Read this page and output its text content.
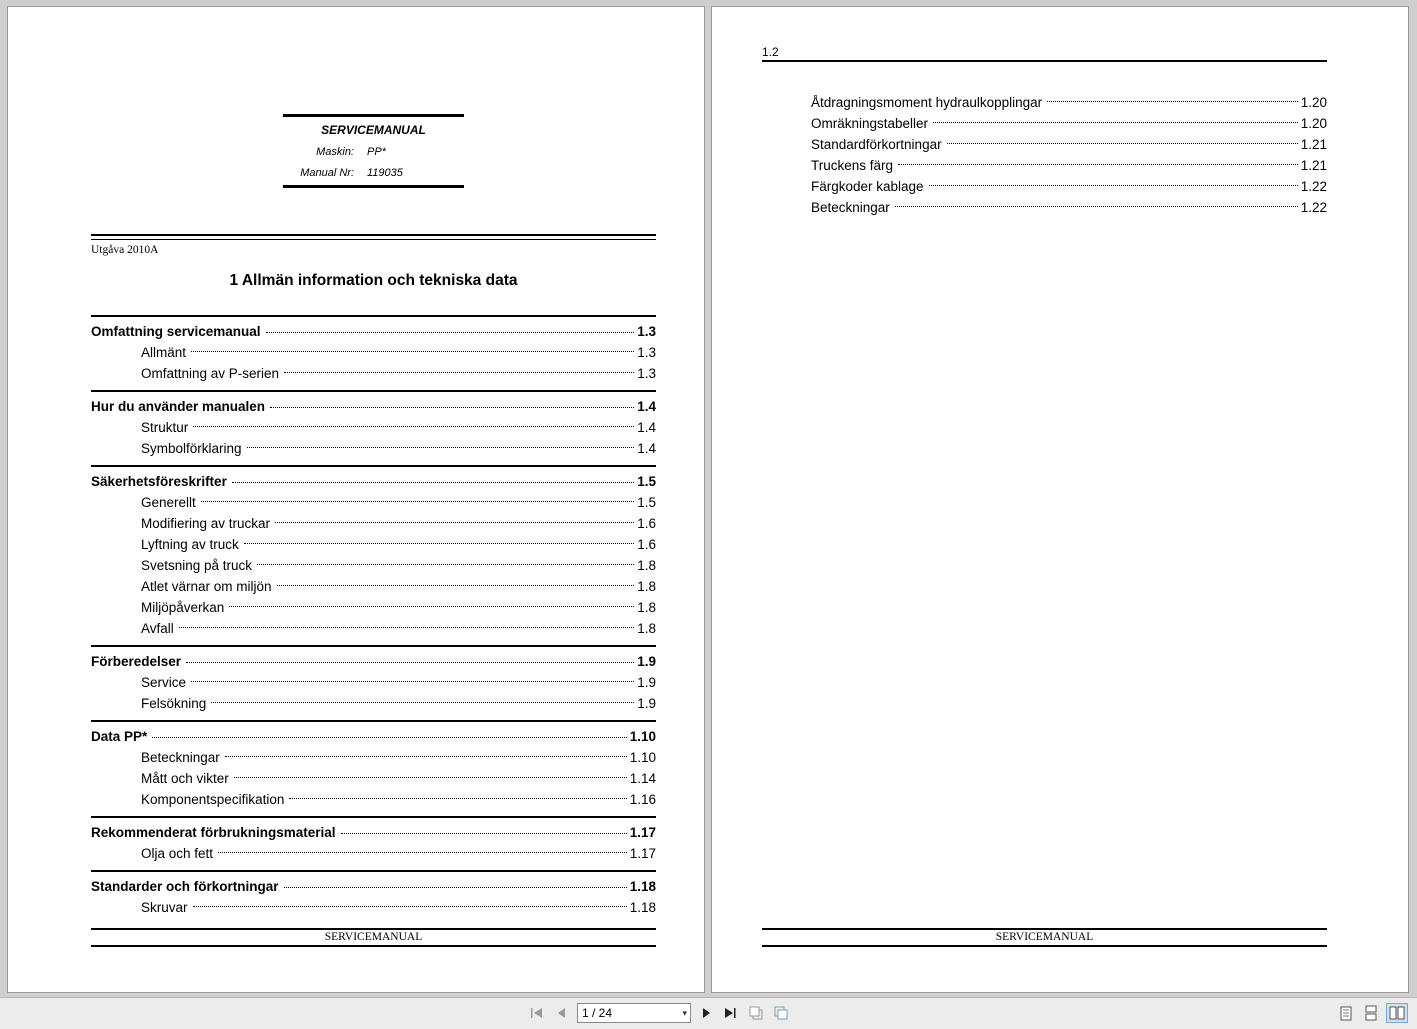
SERVICEMANUAL
Maskin:	PP*
Manual Nr:	119035
Utgåva 2010A
1 Allmän information och tekniska data
Omfattning servicemanual	1.3
Allmänt	1.3
Omfattning av P-serien	1.3
Hur du använder manualen	1.4
Struktur	1.4
Symbolförklaring	1.4
Säkerhetsföreskrifter	1.5
Generellt	1.5
Modifiering av truckar	1.6
Lyftning av truck	1.6
Svetsning på truck	1.8
Atlet värnar om miljön	1.8
Miljöpåverkan	1.8
Avfall	1.8
Förberedelser	1.9
Service	1.9
Felsökning	1.9
Data PP*	1.10
Beteckningar	1.10
Mått och vikter	1.14
Komponentspecifikation	1.16
Rekommenderat förbrukningsmaterial	1.17
Olja och fett	1.17
Standarder och förkortningar	1.18
Skruvar	1.18
SERVICEMANUAL
1.2
Åtdragningsmoment hydraulkopplingar	1.20
Omräkningstabeller	1.20
Standardförkortningar	1.21
Truckens färg	1.21
Färgkoder kablage	1.22
Beteckningar	1.22
SERVICEMANUAL
1 / 24	▾
